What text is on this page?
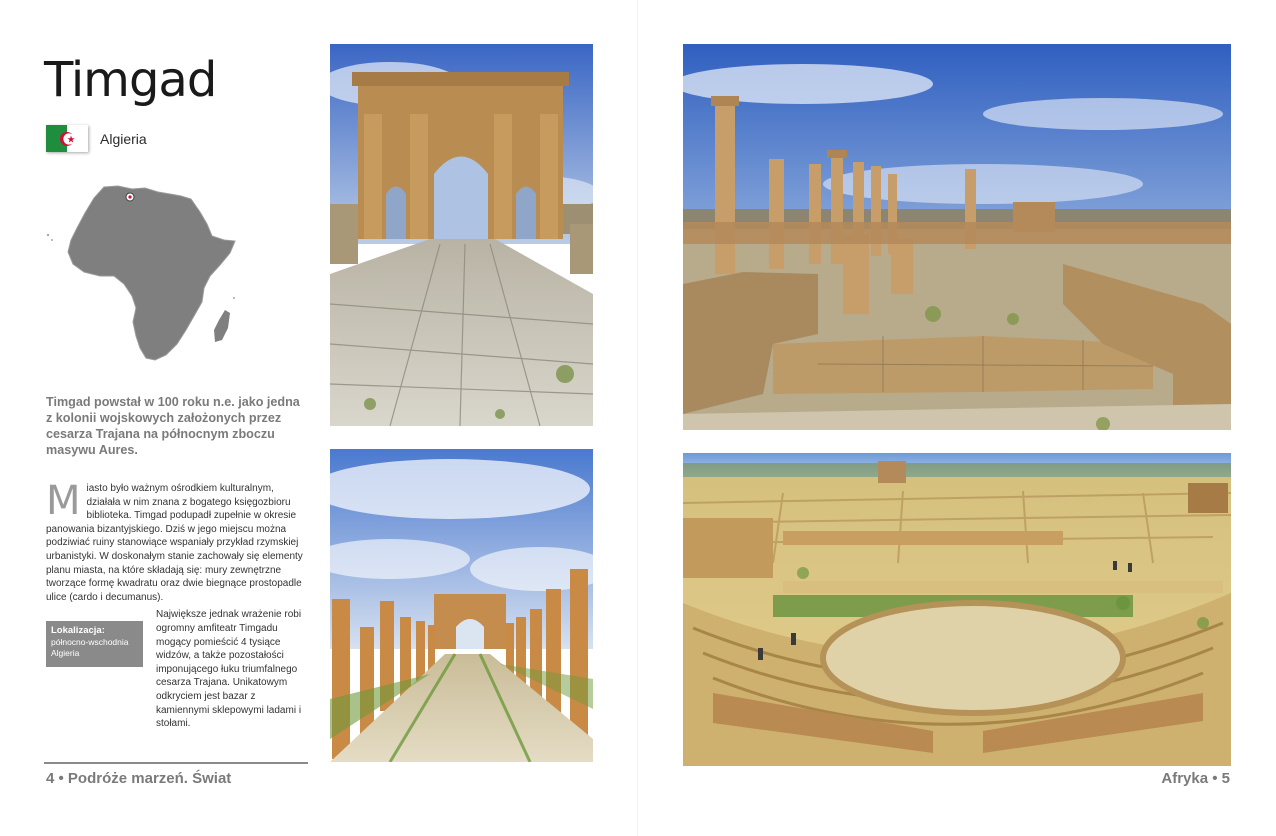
Timgad
Algieria

Timgad powstał w 100 roku n.e. jako jedna z kolonii wojskowych założonych przez cesarza Trajana na północnym zboczu masywu Aures.

M iasto było ważnym ośrodkiem kulturalnym, działała w nim znana z bogatego księgozbioru biblioteka. Timgad podupadł zupełnie w okresie panowania bizantyjskiego. Dziś w jego miejscu można podziwiać ruiny stanowiące wspaniały przykład rzymskiej urbanistyki. W doskonałym stanie zachowały się elementy planu miasta, na które składają się: mury zewnętrzne tworzące formę kwadratu oraz dwie biegnące prostopadle ulice (cardo i decumanus).

Największe jednak wrażenie robi ogromny amfiteatr Timgadu mogący pomieścić 4 tysiące widzów, a także pozostałości imponującego łuku triumfalnego cesarza Trajana. Unikatowym odkryciem jest bazar z kamiennymi sklepowymi ladami i stołami.

Lokalizacja:
północno-wschodnia
Algieria
4 • Podróże marzeń. Świat	Afryka • 5
